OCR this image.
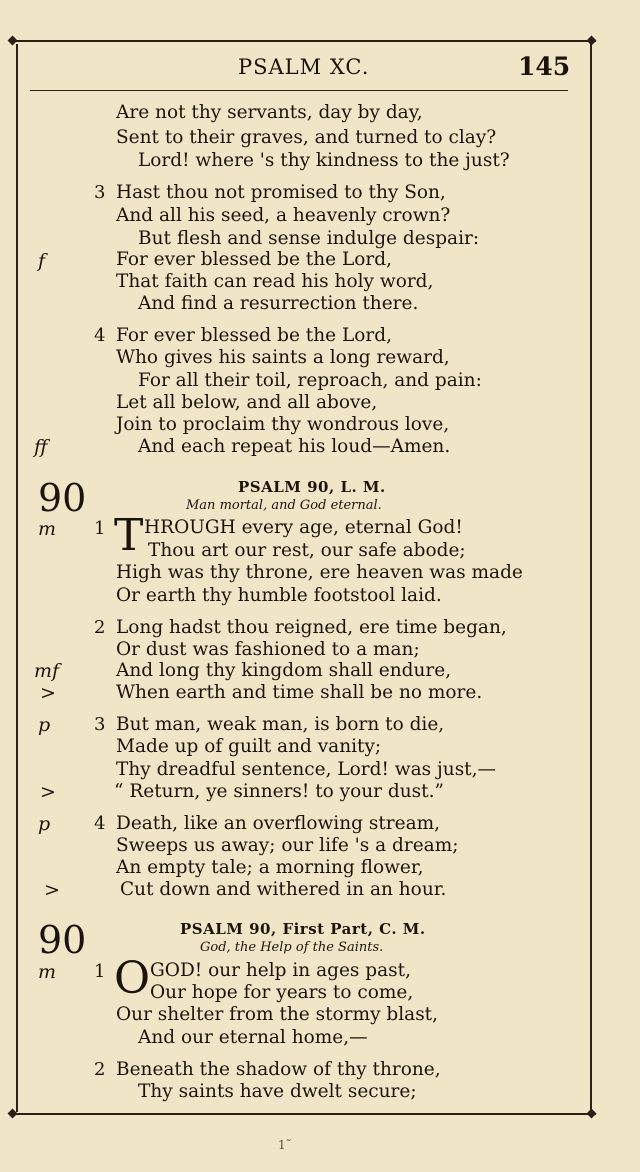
PSALM XC.	145
Are not thy servants, day by day,
Sent to their graves, and turned to clay?
Lord! where 's thy kindness to the just?
3 Hast thou not promised to thy Son,
And all his seed, a heavenly crown?
But flesh and sense indulge despair:
f	For ever blessed be the Lord,
That faith can read his holy word,
And find a resurrection there.
4 For ever blessed be the Lord,
Who gives his saints a long reward,
For all their toil, reproach, and pain:
Let all below, and all above,
Join to proclaim thy wondrous love,
ff	And each repeat his loud—Amen.
90	PSALM 90, L. M.
Man mortal, and God eternal.
m 1 T HROUGH every age, eternal God!
Thou art our rest, our safe abode;
High was thy throne, ere heaven was made
Or earth thy humble footstool laid.
2 Long hadst thou reigned, ere time began,
Or dust was fashioned to a man;
mf	And long thy kingdom shall endure,
>	When earth and time shall be no more.
p 3 But man, weak man, is born to die,
Made up of guilt and vanity;
Thy dreadful sentence, Lord! was just,—
>	“ Return, ye sinners! to your dust.”
p 4 Death, like an overflowing stream,
Sweeps us away; our life 's a dream;
An empty tale; a morning flower,
>	Cut down and withered in an hour.
90	PSALM 90, First Part, C. M.
God, the Help of the Saints.
m 1 O GOD! our help in ages past,
Our hope for years to come,
Our shelter from the stormy blast,
And our eternal home,—
2 Beneath the shadow of thy throne,
Thy saints have dwelt secure;
1˜
